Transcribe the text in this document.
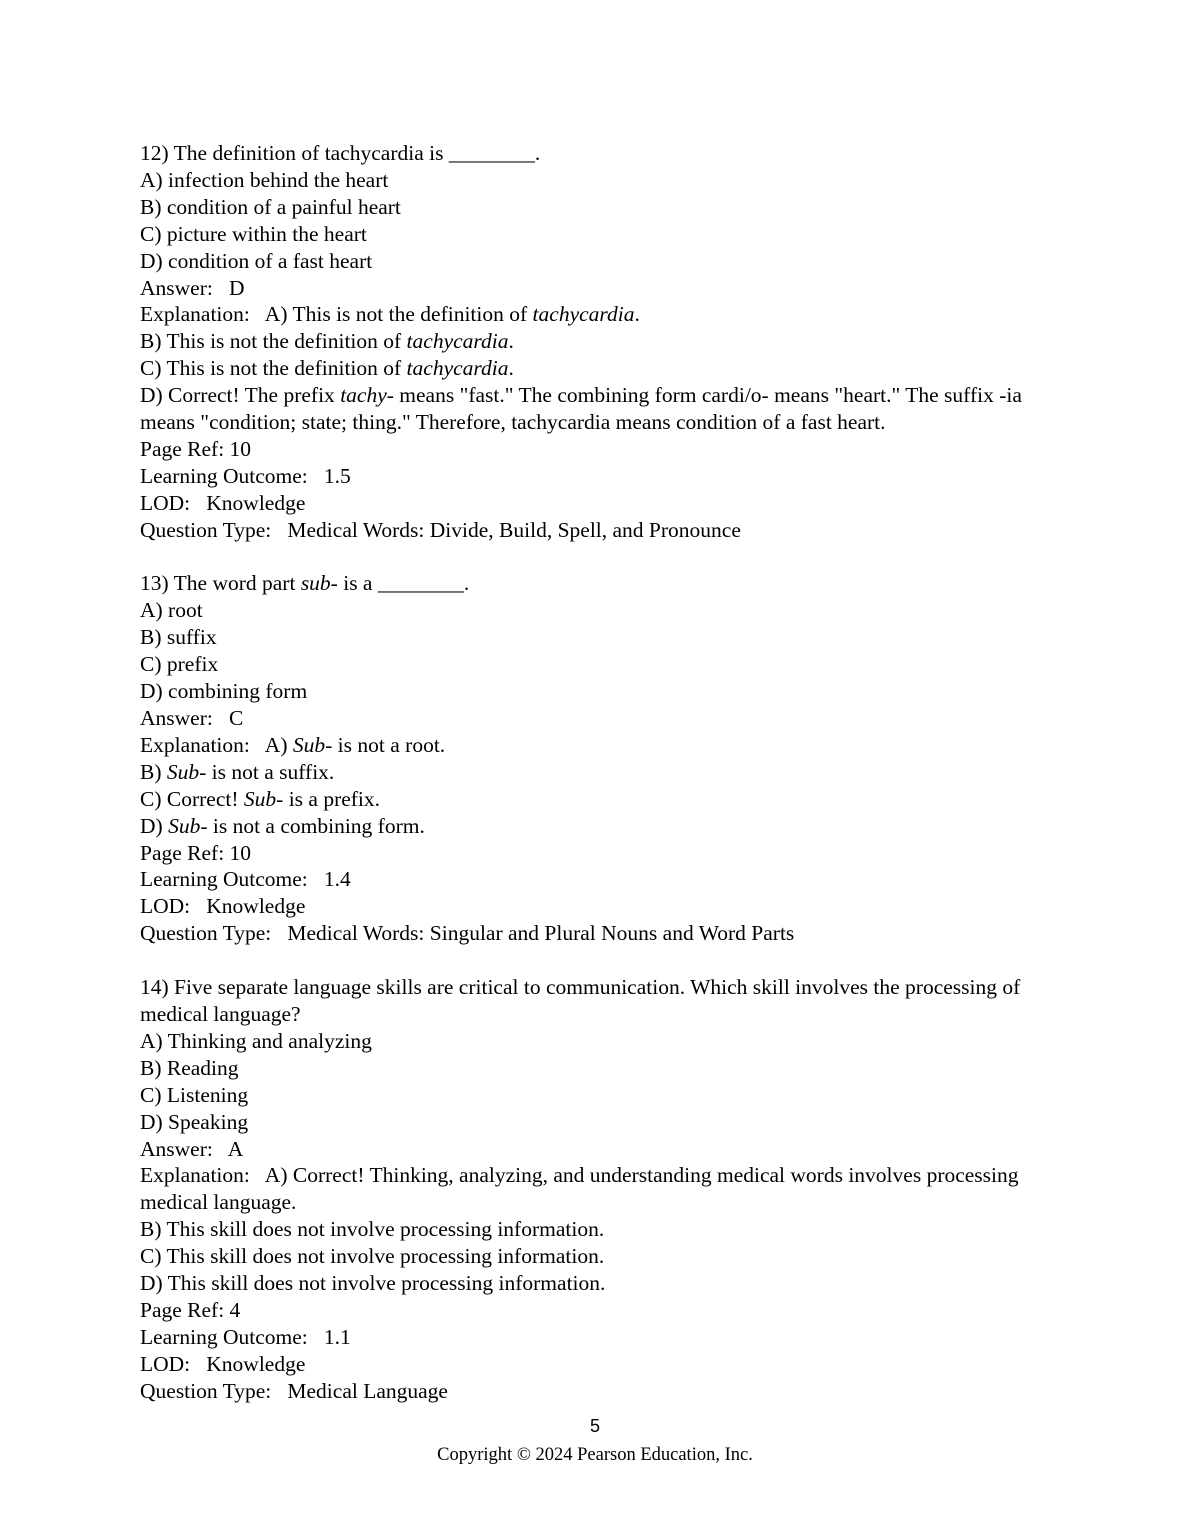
12) The definition of tachycardia is ________.
A) infection behind the heart
B) condition of a painful heart
C) picture within the heart
D) condition of a fast heart
Answer:   D
Explanation:   A) This is not the definition of tachycardia.
B) This is not the definition of tachycardia.
C) This is not the definition of tachycardia.
D) Correct! The prefix tachy- means "fast." The combining form cardi/o- means "heart." The suffix -ia means "condition; state; thing." Therefore, tachycardia means condition of a fast heart.
Page Ref: 10
Learning Outcome:   1.5
LOD:   Knowledge
Question Type:   Medical Words: Divide, Build, Spell, and Pronounce
13) The word part sub- is a ________.
A) root
B) suffix
C) prefix
D) combining form
Answer:   C
Explanation:   A) Sub- is not a root.
B) Sub- is not a suffix.
C) Correct! Sub- is a prefix.
D) Sub- is not a combining form.
Page Ref: 10
Learning Outcome:   1.4
LOD:   Knowledge
Question Type:   Medical Words: Singular and Plural Nouns and Word Parts
14) Five separate language skills are critical to communication. Which skill involves the processing of medical language?
A) Thinking and analyzing
B) Reading
C) Listening
D) Speaking
Answer:   A
Explanation:   A) Correct! Thinking, analyzing, and understanding medical words involves processing medical language.
B) This skill does not involve processing information.
C) This skill does not involve processing information.
D) This skill does not involve processing information.
Page Ref: 4
Learning Outcome:   1.1
LOD:   Knowledge
Question Type:   Medical Language
5
Copyright © 2024 Pearson Education, Inc.
